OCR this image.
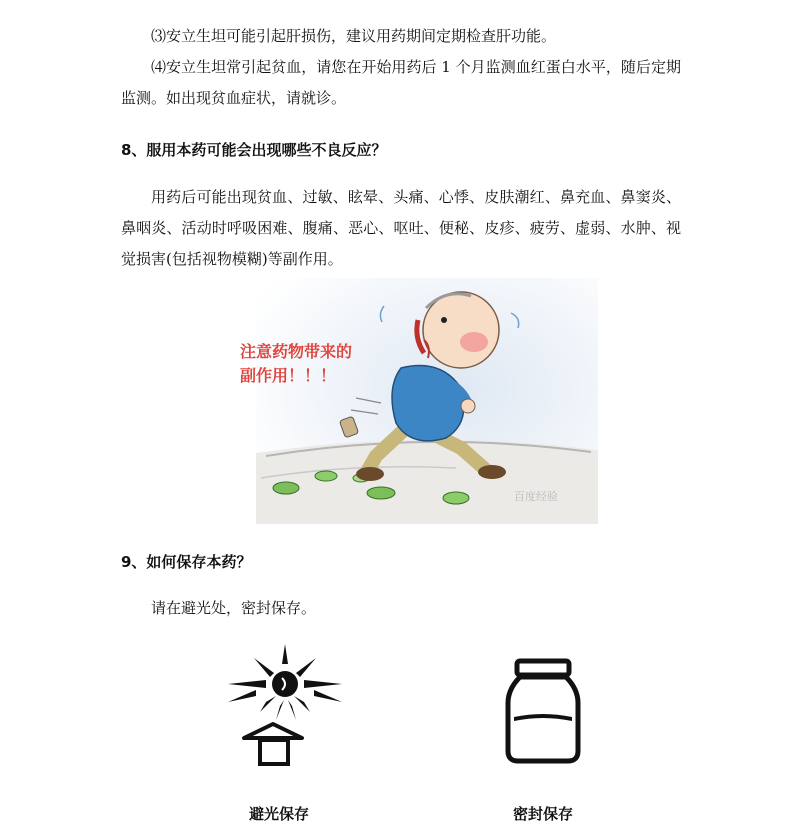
⑶安立生坦可能引起肝损伤，建议用药期间定期检查肝功能。

⑷安立生坦常引起贫血，请您在开始用药后 1 个月监测血红蛋白水平，随后定期监测。如出现贫血症状，请就诊。

8、服用本药可能会出现哪些不良反应？

用药后可能出现贫血、过敏、眩晕、头痛、心悸、皮肤潮红、鼻充血、鼻窦炎、鼻咽炎、活动时呼吸困难、腹痛、恶心、呕吐、便秘、皮疹、疲劳、虚弱、水肿、视觉损害(包括视物模糊)等副作用。

注意药物带来的
副作用！！！
百度经验
9、如何保存本药？

请在避光处，密封保存。

避光保存	密封保存
